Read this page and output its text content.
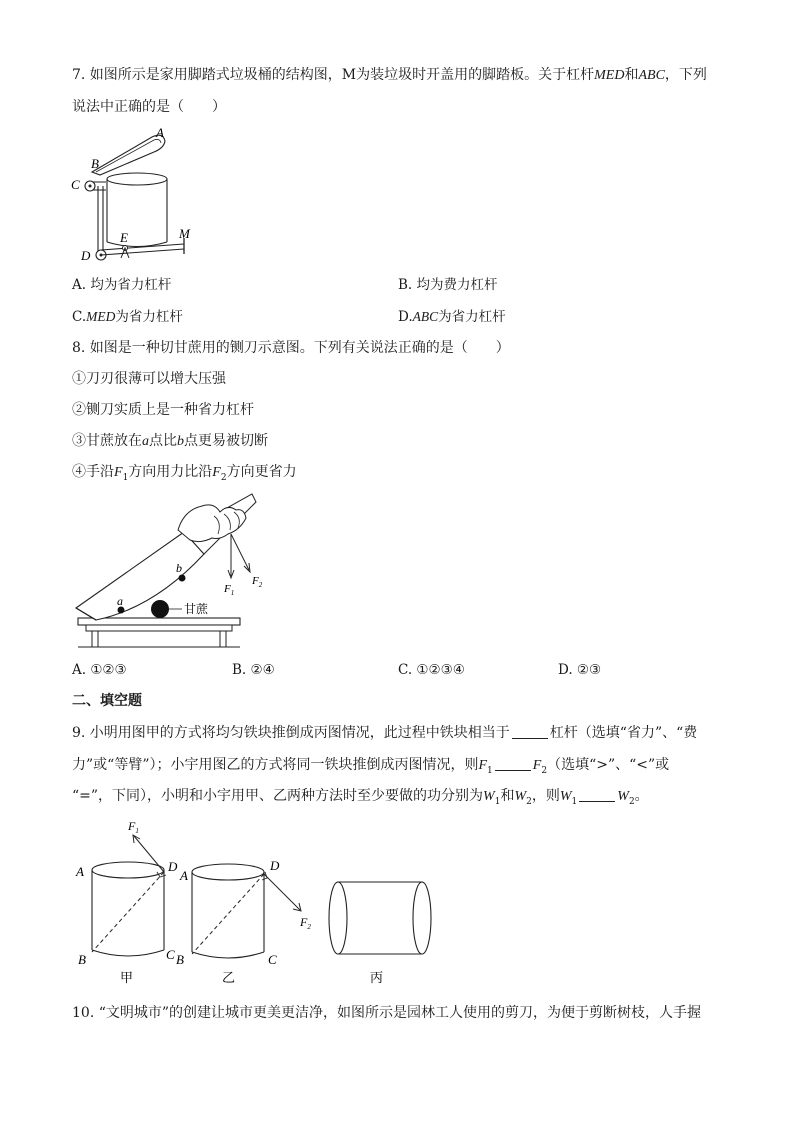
7. 如图所示是家用脚踏式垃圾桶的结构图，M为装垃圾时开盖用的脚踏板。关于杠杆MED和ABC，下列
说法中正确的是（　　）
A
B
C
D
E	M
A. 均为省力杠杆	B. 均为费力杠杆
C.MED为省力杠杆	D.ABC为省力杠杆
8. 如图是一种切甘蔗用的铡刀示意图。下列有关说法正确的是（　　）
①刀刃很薄可以增大压强
②铡刀实质上是一种省力杠杆
③甘蔗放在a点比b点更易被切断
④手沿$F_1$方向用力比沿$F_2$方向更省力
甘蔗
a
b
$F_1$
$F_2$
A. ①②③	B. ②④	C. ①②③④	D. ②③
二、填空题
9. 小明用图甲的方式将均匀铁块推倒成丙图情况，此过程中铁块相当于	杠杆（选填“省力”、“费
力”或“等臂”）；小宇用图乙的方式将同一铁块推倒成丙图情况，则$F_1$	$F_2$（选填“>”、“<”或
“=”，下同），小明和小宇用甲、乙两种方法时至少要做的功分别为$W_1$和$W_2$，则$W_1$	$W_2$。
$F_1$
A	D
B	C
甲
$F_2$
A
D
B	C
乙	丙
10. “文明城市”的创建让城市更美更洁净，如图所示是园林工人使用的剪刀，为便于剪断树枝，人手握
